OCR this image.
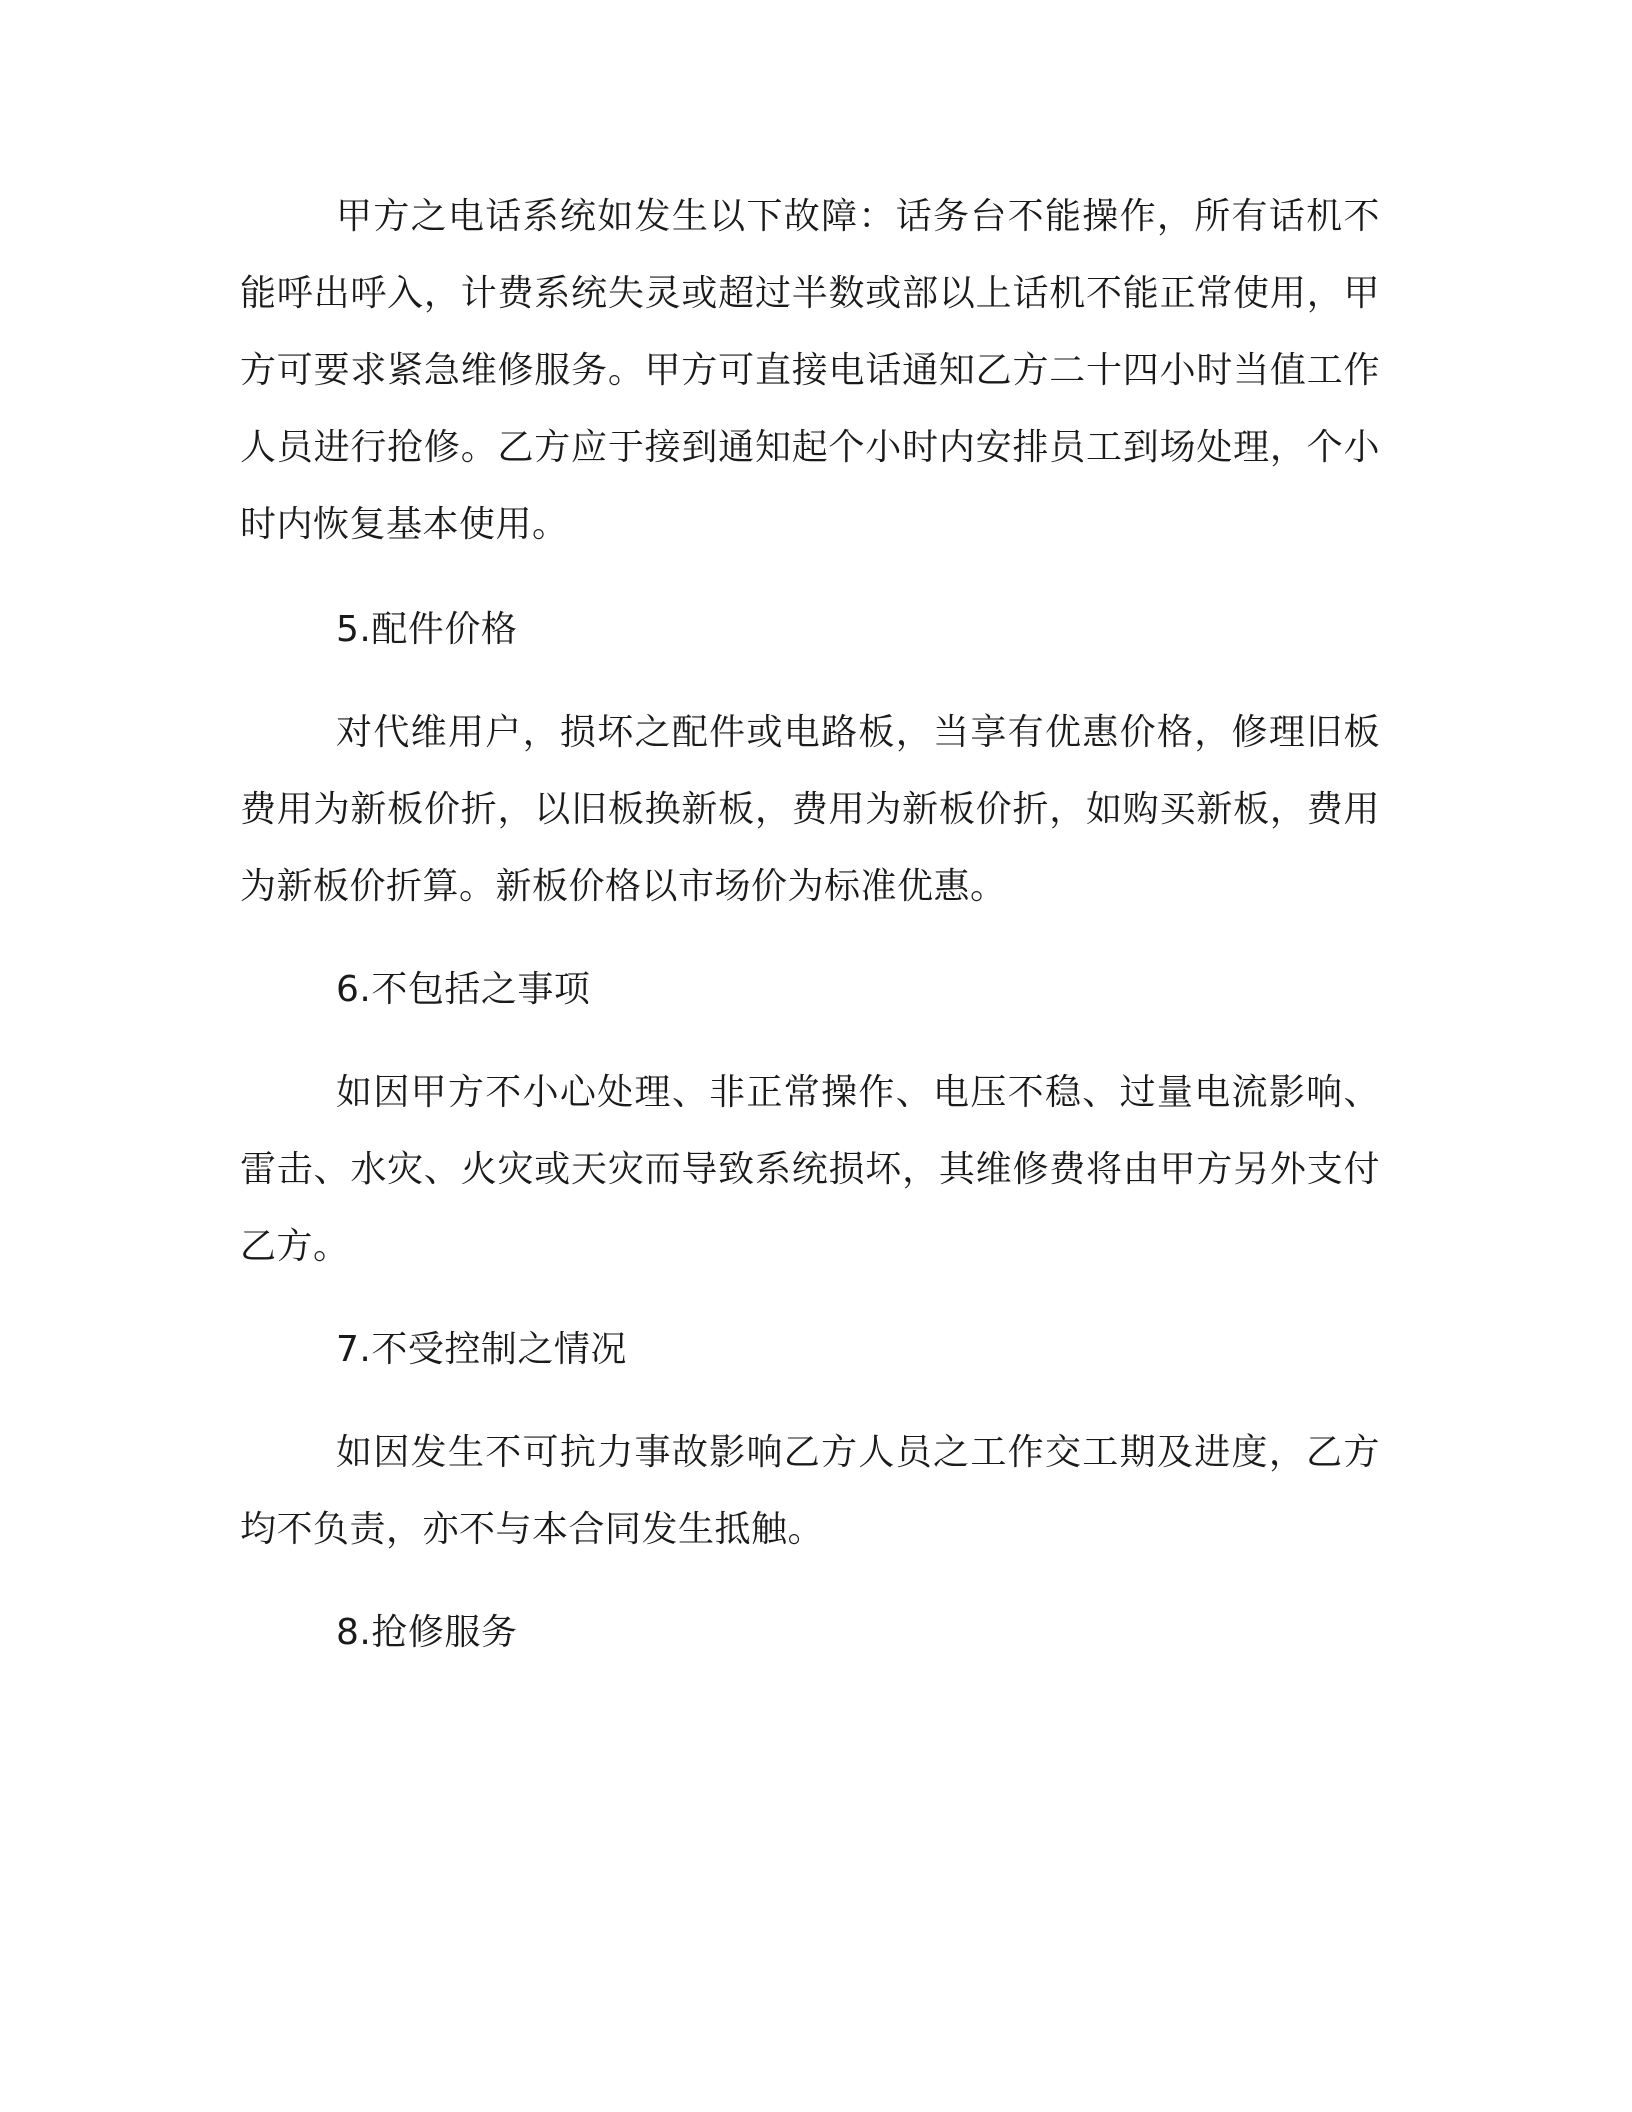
甲方之电话系统如发生以下故障：话务台不能操作，所有话机不能呼出呼入，计费系统失灵或超过半数或部以上话机不能正常使用，甲方可要求紧急维修服务。甲方可直接电话通知乙方二十四小时当值工作人员进行抢修。乙方应于接到通知起个小时内安排员工到场处理，个小时内恢复基本使用。

5.配件价格

对代维用户，损坏之配件或电路板，当享有优惠价格，修理旧板费用为新板价折，以旧板换新板，费用为新板价折，如购买新板，费用为新板价折算。新板价格以市场价为标准优惠。

6.不包括之事项

如因甲方不小心处理、非正常操作、电压不稳、过量电流影响、雷击、水灾、火灾或天灾而导致系统损坏，其维修费将由甲方另外支付乙方。

7.不受控制之情况

如因发生不可抗力事故影响乙方人员之工作交工期及进度，乙方均不负责，亦不与本合同发生抵触。

8.抢修服务
